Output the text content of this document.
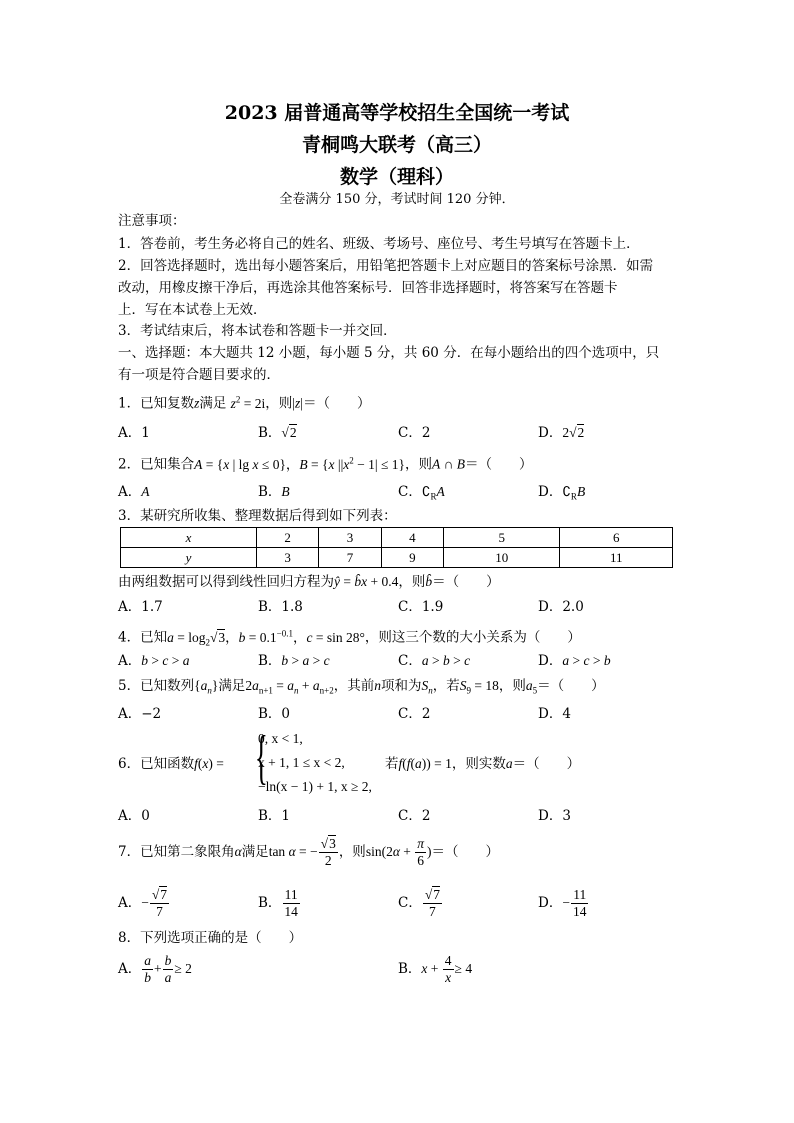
2023 届普通高等学校招生全国统一考试
青桐鸣大联考（高三）
数学（理科）
全卷满分 150 分，考试时间 120 分钟．
注意事项：
1．答卷前，考生务必将自己的姓名、班级、考场号、座位号、考生号填写在答题卡上．
2．回答选择题时，选出每小题答案后，用铅笔把答题卡上对应题目的答案标号涂黑．如需
改动，用橡皮擦干净后，再选涂其他答案标号．回答非选择题时，将答案写在答题卡
上．写在本试卷上无效．
3．考试结束后，将本试卷和答题卡一并交回．
一、选择题：本大题共 12 小题，每小题 5 分，共 60 分．在每小题给出的四个选项中，只
有一项是符合题目要求的．
1．已知复数z满足 $z^2 = 2i$，则|z|＝（　　）
A．1	B．√2	C．2	D．2√2
2．已知集合A = {x | lg x ≤ 0}，B = {x $||x^2 - 1| \le 1$}，则A ∩ B＝（　　）
A．A	B．B	C．$∁_RA$	D．$∁_RB$
3．某研究所收集、整理数据后得到如下列表：
x	2	3	4	5	6
y	3	7	9	10	11
由两组数据可以得到线性回归方程为ŷ = b̂x + 0.4，则b̂＝（　　）
A．1.7	B．1.8	C．1.9	D．2.0
4．已知$a = \log_2√3$，$b = 0.1^{-0.1}$，c = sin 28°，则这三个数的大小关系为（　　）
A．b > c > a	B．b > a > c	C．a > b > c	D．a > c > b
5．已知数列$\{a_n\}$满足$2a_{n+1} = a_n + a_{n+2}$，其前n项和为$S_n$，若$S_9 = 18$，则$a_5=$（　　）
A．−2	B．0	C．2	D．4
6．已知函数f(x) = {
0, x < 1,
x + 1, 1 ≤ x < 2,
−ln(x − 1) + 1, x ≥ 2,
若f(f(a)) = 1，则实数a＝（　　）
A．0	B．1	C．2	D．3
7．已知第二象限角α满足tan α = − $\frac{√3}{2}$ ，则$\sin(2\alpha + \frac{\pi}{6}$ )＝（　　）
A．− $\frac{√7}{7}$	B． $\frac{11}{14}$	C． $\frac{√7}{7}$	D．− $\frac{11}{14}$
8．下列选项正确的是（　　）
A． $\frac{a}{b} + \frac{b}{a} \ge 2$	B．$x + \frac{4}{x} \ge 4$
